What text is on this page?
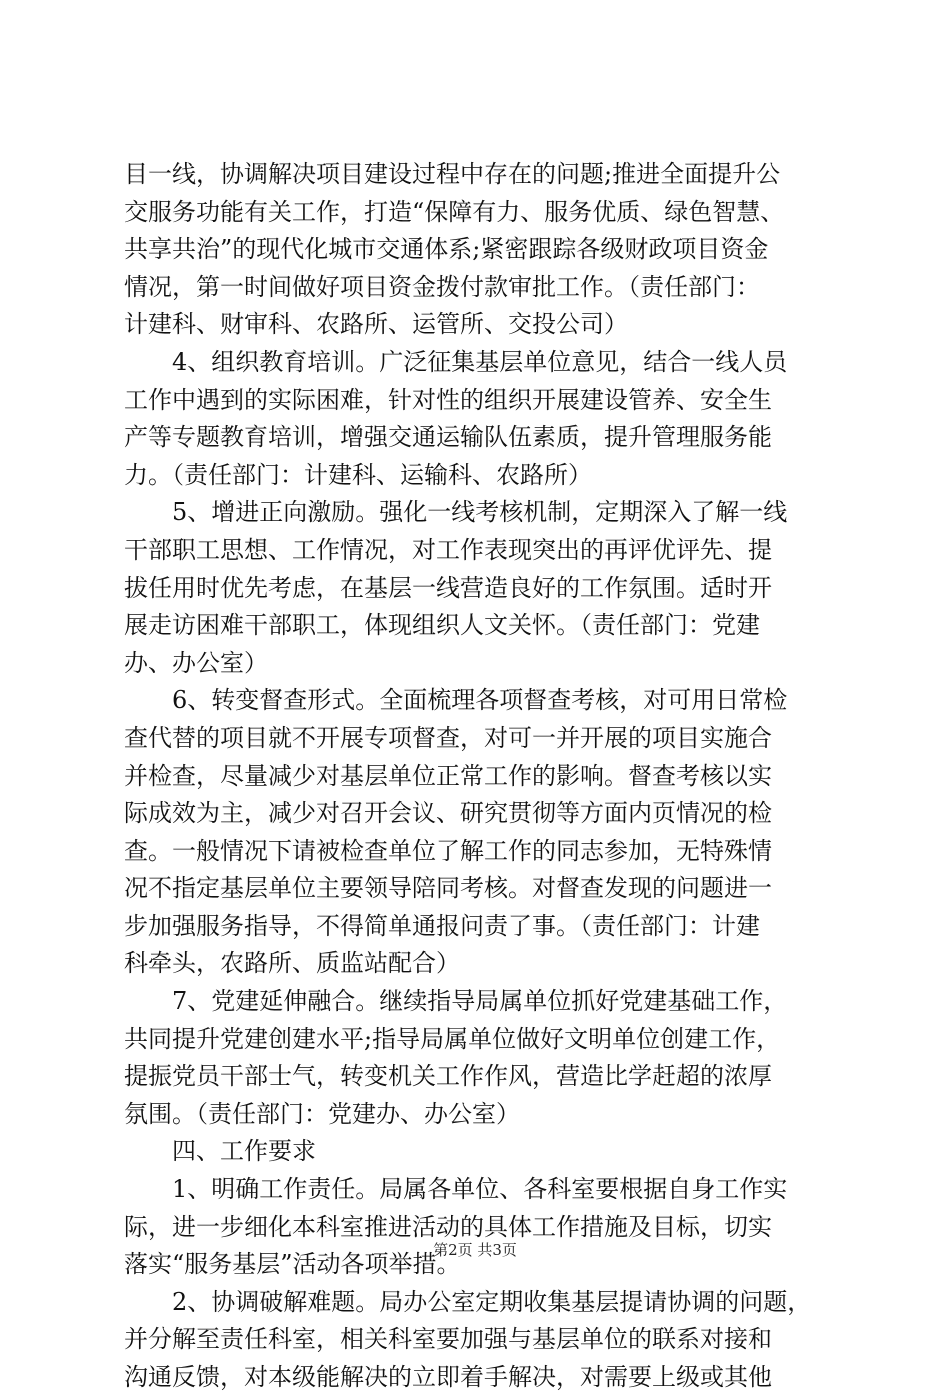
目一线，协调解决项目建设过程中存在的问题;推进全面提升公
交服务功能有关工作，打造“保障有力、服务优质、绿色智慧、
共享共治”的现代化城市交通体系;紧密跟踪各级财政项目资金
情况，第一时间做好项目资金拨付款审批工作。（责任部门：
计建科、财审科、农路所、运管所、交投公司）
4、组织教育培训。广泛征集基层单位意见，结合一线人员
工作中遇到的实际困难，针对性的组织开展建设管养、安全生
产等专题教育培训，增强交通运输队伍素质，提升管理服务能
力。（责任部门：计建科、运输科、农路所）
5、增进正向激励。强化一线考核机制，定期深入了解一线
干部职工思想、工作情况，对工作表现突出的再评优评先、提
拔任用时优先考虑，在基层一线营造良好的工作氛围。适时开
展走访困难干部职工，体现组织人文关怀。（责任部门：党建
办、办公室）
6、转变督查形式。全面梳理各项督查考核，对可用日常检
查代替的项目就不开展专项督查，对可一并开展的项目实施合
并检查，尽量减少对基层单位正常工作的影响。督查考核以实
际成效为主，减少对召开会议、研究贯彻等方面内页情况的检
查。一般情况下请被检查单位了解工作的同志参加，无特殊情
况不指定基层单位主要领导陪同考核。对督查发现的问题进一
步加强服务指导，不得简单通报问责了事。（责任部门：计建
科牵头，农路所、质监站配合）
7、党建延伸融合。继续指导局属单位抓好党建基础工作，
共同提升党建创建水平;指导局属单位做好文明单位创建工作，
提振党员干部士气，转变机关工作作风，营造比学赶超的浓厚
氛围。（责任部门：党建办、办公室）
四、工作要求
1、明确工作责任。局属各单位、各科室要根据自身工作实
际，进一步细化本科室推进活动的具体工作措施及目标，切实
落实“服务基层”活动各项举措。
2、协调破解难题。局办公室定期收集基层提请协调的问题，
并分解至责任科室，相关科室要加强与基层单位的联系对接和
沟通反馈，对本级能解决的立即着手解决，对需要上级或其他
第2页 共3页
